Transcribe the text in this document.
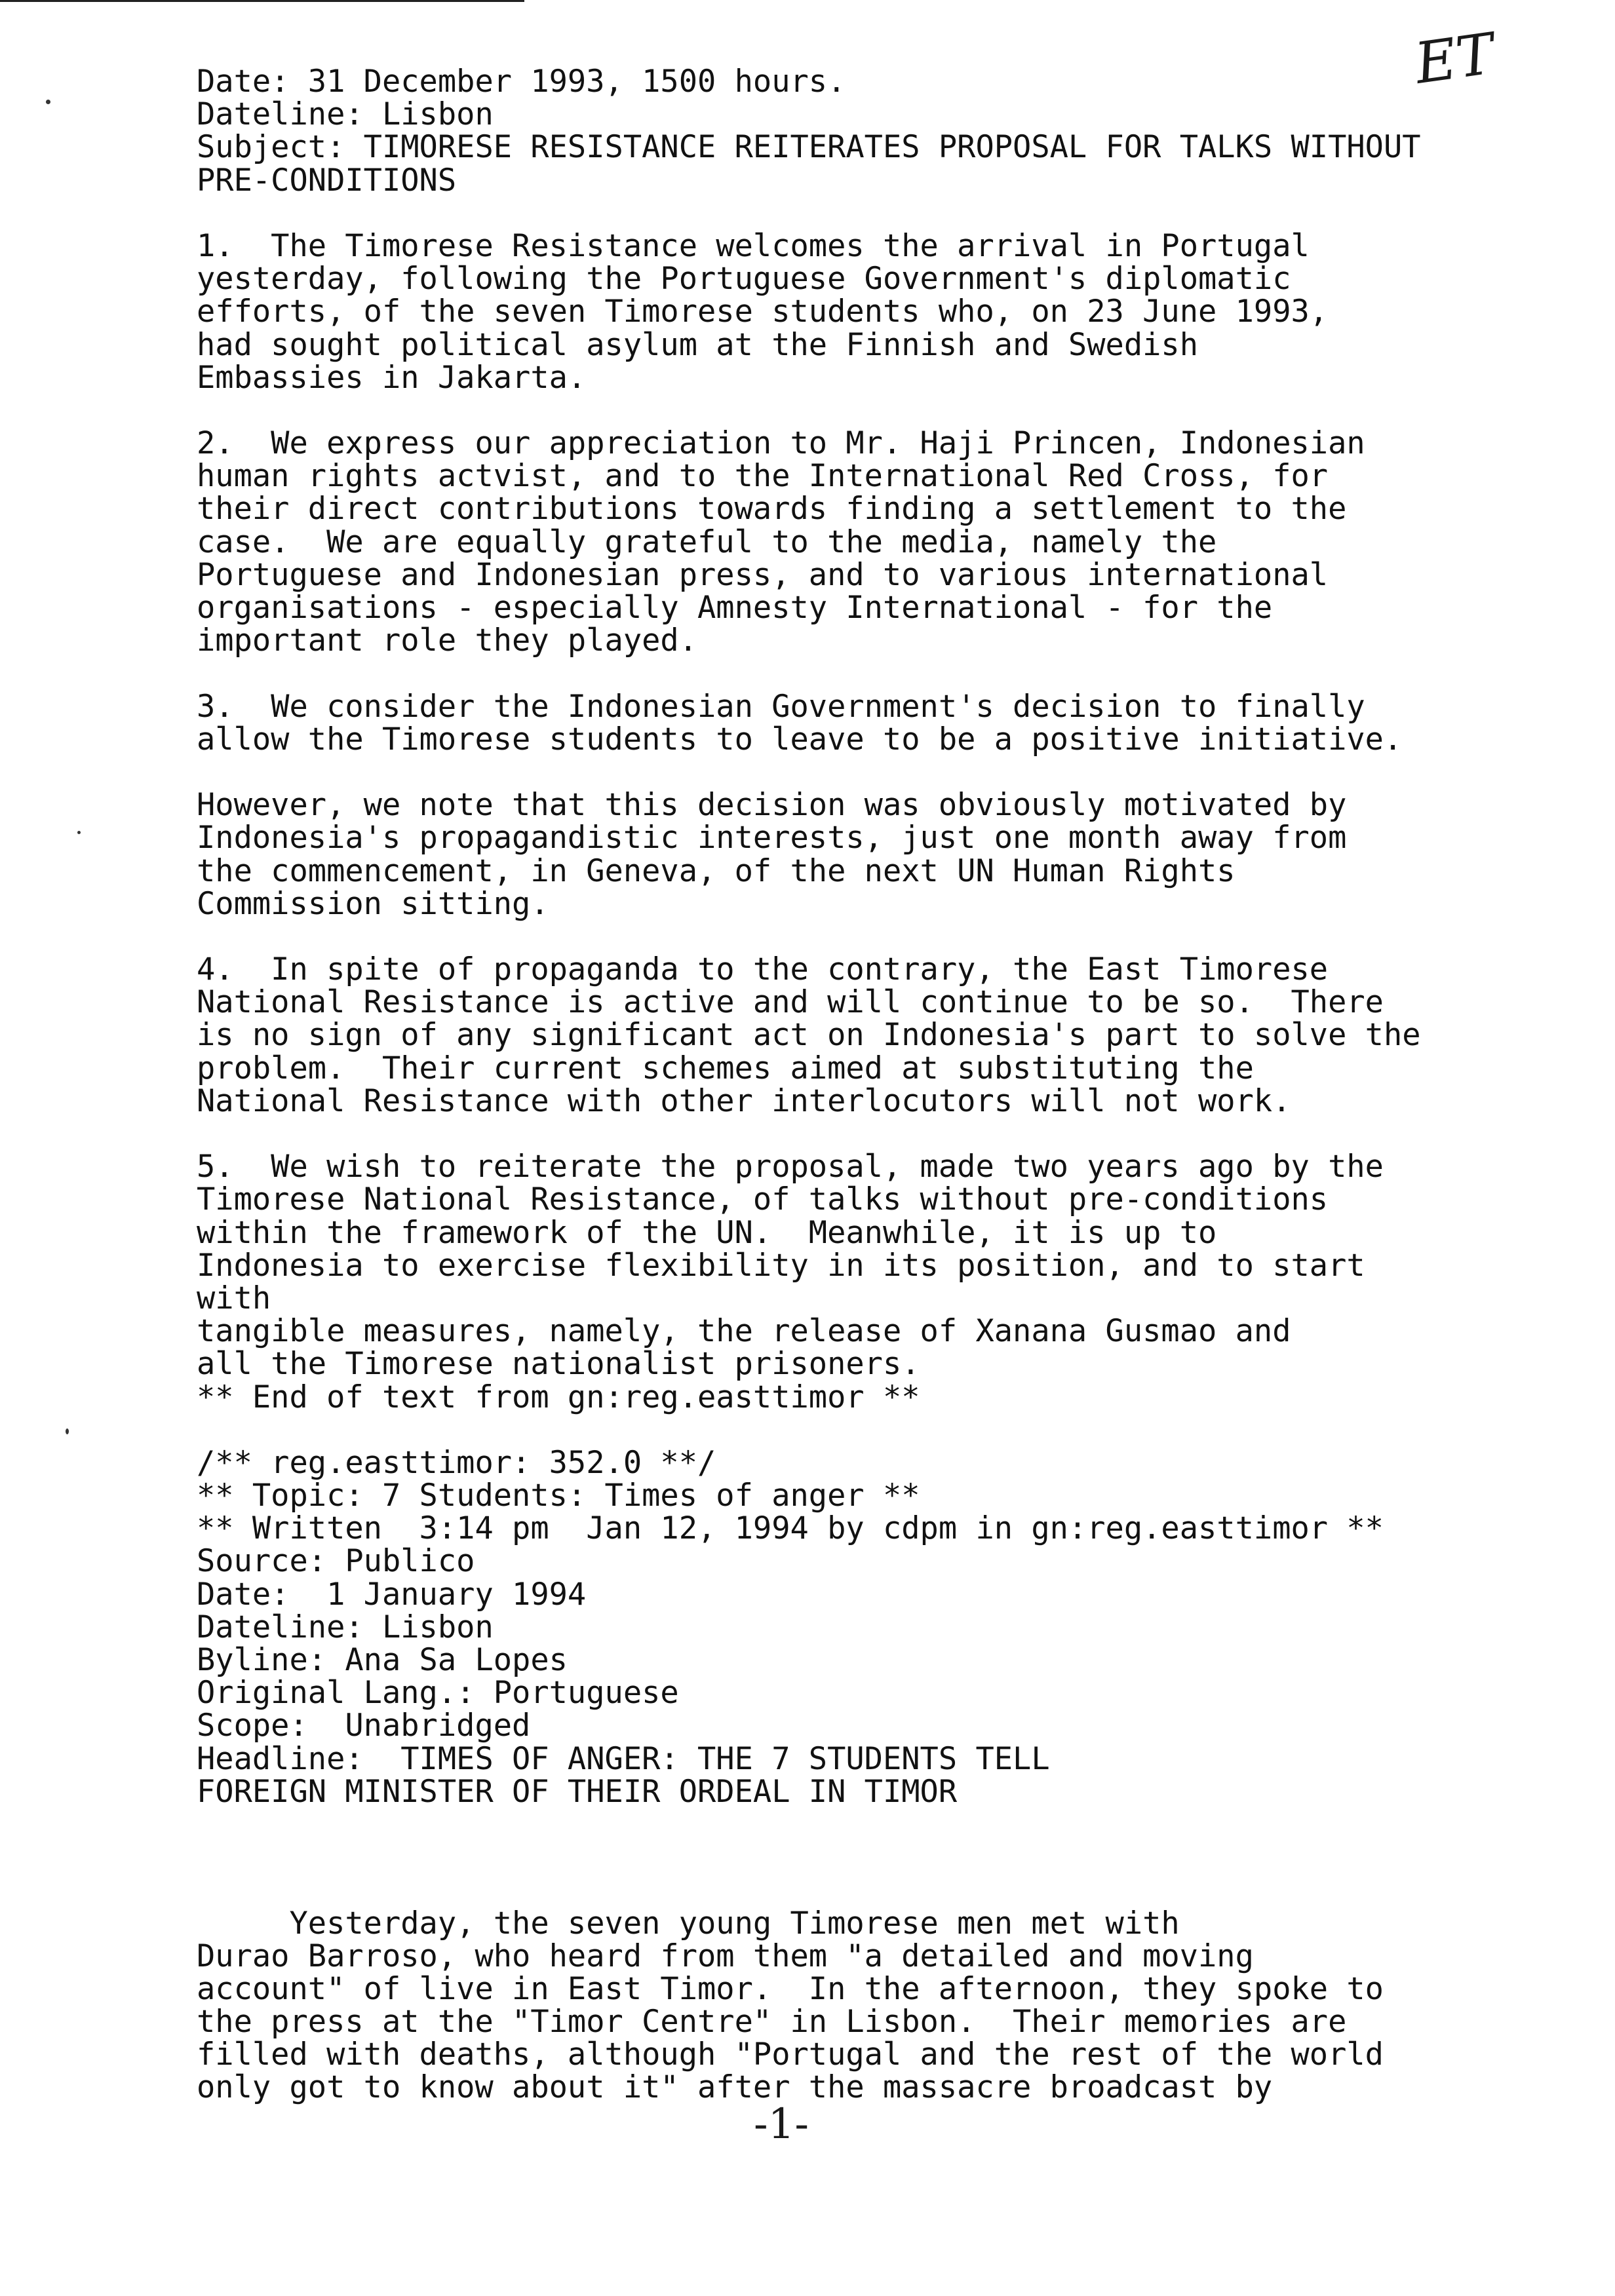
ET
Date: 31 December 1993, 1500 hours.
Dateline: Lisbon
Subject: TIMORESE RESISTANCE REITERATES PROPOSAL FOR TALKS WITHOUT
PRE-CONDITIONS
1.  The Timorese Resistance welcomes the arrival in Portugal
yesterday, following the Portuguese Government's diplomatic
efforts, of the seven Timorese students who, on 23 June 1993,
had sought political asylum at the Finnish and Swedish
Embassies in Jakarta.
2.  We express our appreciation to Mr. Haji Princen, Indonesian
human rights actvist, and to the International Red Cross, for
their direct contributions towards finding a settlement to the
case.  We are equally grateful to the media, namely the
Portuguese and Indonesian press, and to various international
organisations - especially Amnesty International - for the
important role they played.
3.  We consider the Indonesian Government's decision to finally
allow the Timorese students to leave to be a positive initiative.
However, we note that this decision was obviously motivated by
Indonesia's propagandistic interests, just one month away from
the commencement, in Geneva, of the next UN Human Rights
Commission sitting.
4.  In spite of propaganda to the contrary, the East Timorese
National Resistance is active and will continue to be so.  There
is no sign of any significant act on Indonesia's part to solve the
problem.  Their current schemes aimed at substituting the
National Resistance with other interlocutors will not work.
5.  We wish to reiterate the proposal, made two years ago by the
Timorese National Resistance, of talks without pre-conditions
within the framework of the UN.  Meanwhile, it is up to
Indonesia to exercise flexibility in its position, and to start
with
tangible measures, namely, the release of Xanana Gusmao and
all the Timorese nationalist prisoners.
** End of text from gn:reg.easttimor **
/** reg.easttimor: 352.0 **/
** Topic: 7 Students: Times of anger **
** Written  3:14 pm  Jan 12, 1994 by cdpm in gn:reg.easttimor **
Source: Publico
Date:  1 January 1994
Dateline: Lisbon
Byline: Ana Sa Lopes
Original Lang.: Portuguese
Scope:  Unabridged
Headline:  TIMES OF ANGER: THE 7 STUDENTS TELL
FOREIGN MINISTER OF THEIR ORDEAL IN TIMOR
Yesterday, the seven young Timorese men met with
Durao Barroso, who heard from them "a detailed and moving
account" of live in East Timor.  In the afternoon, they spoke to
the press at the "Timor Centre" in Lisbon.  Their memories are
filled with deaths, although "Portugal and the rest of the world
only got to know about it" after the massacre broadcast by
-1-
